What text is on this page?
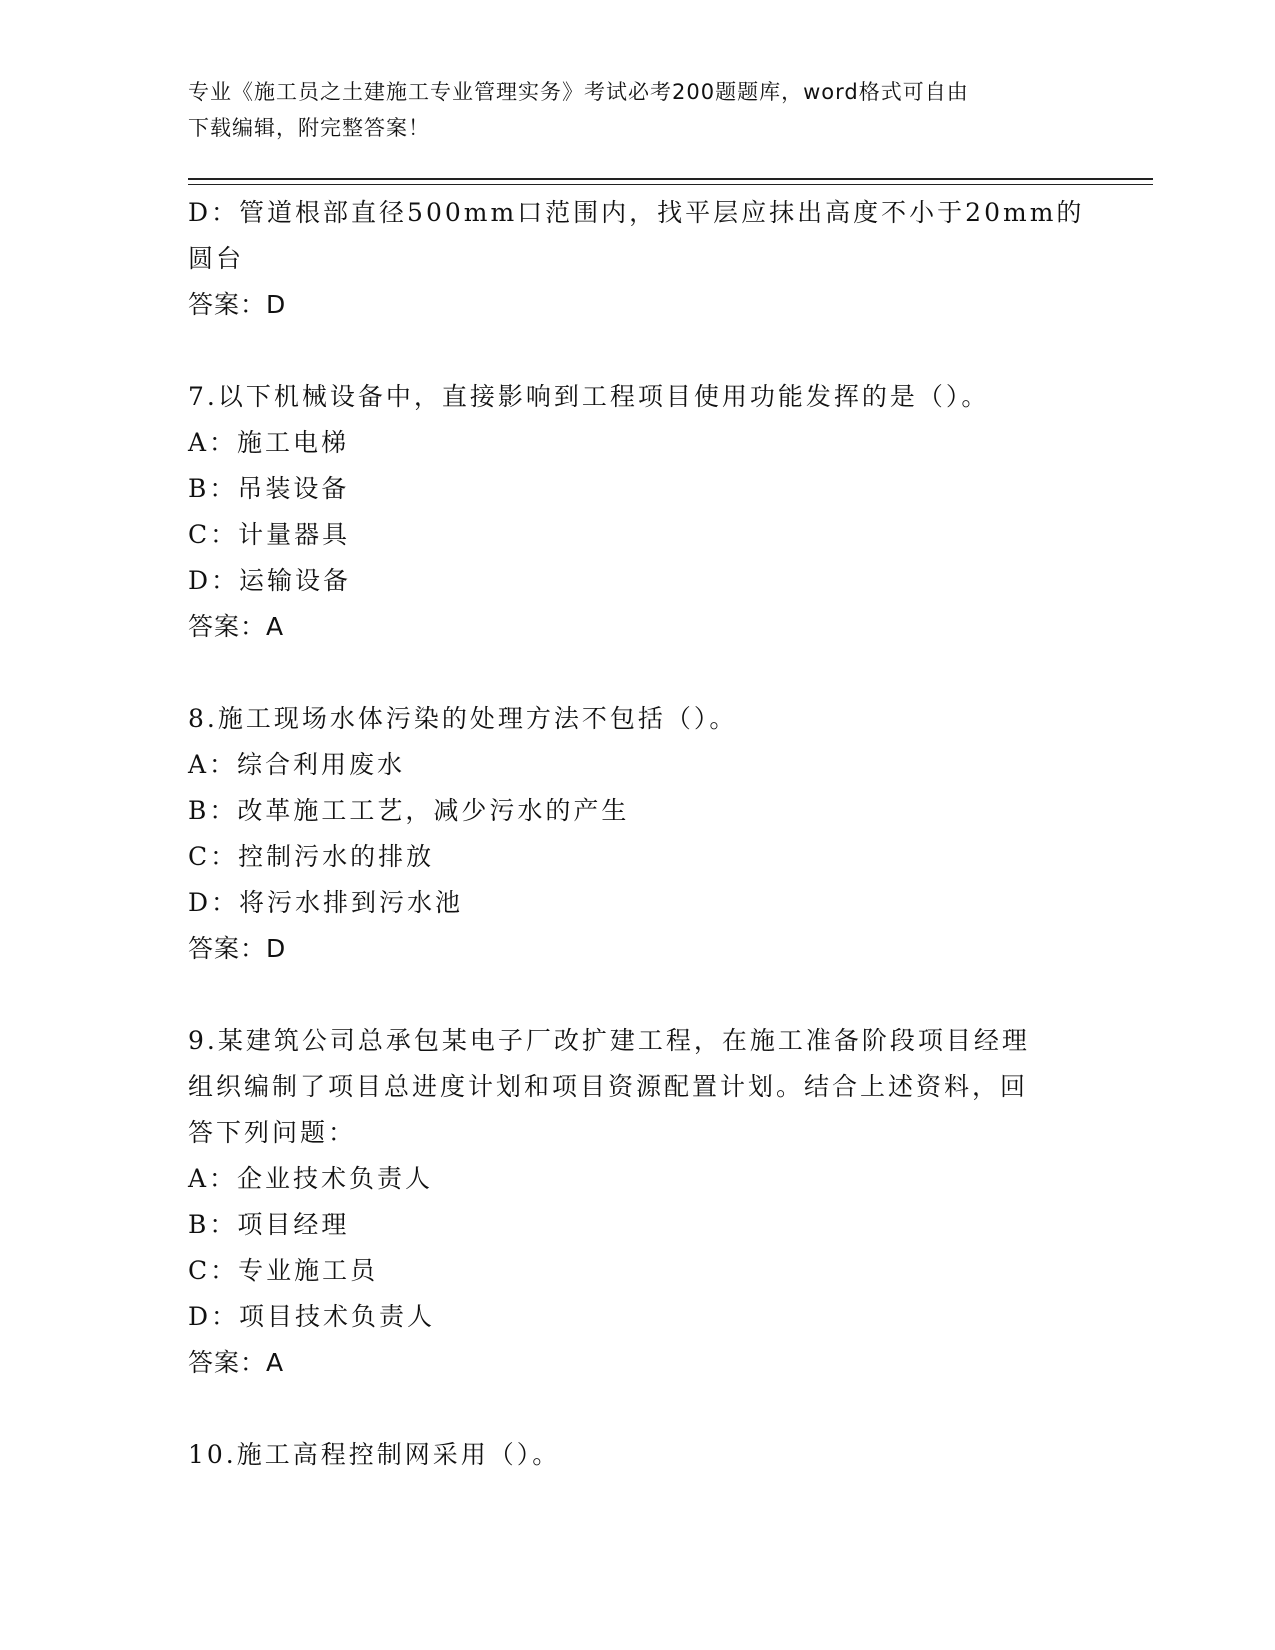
专业《施工员之土建施工专业管理实务》考试必考200题题库，word格式可自由
下载编辑，附完整答案！
D：管道根部直径500mm口范围内，找平层应抹出高度不小于20mm的
圆台
答案：D
7.以下机械设备中，直接影响到工程项目使用功能发挥的是（）。
A：施工电梯
B：吊装设备
C：计量器具
D：运输设备
答案：A
8.施工现场水体污染的处理方法不包括（）。
A：综合利用废水
B：改革施工工艺，减少污水的产生
C：控制污水的排放
D：将污水排到污水池
答案：D
9.某建筑公司总承包某电子厂改扩建工程，在施工准备阶段项目经理
组织编制了项目总进度计划和项目资源配置计划。结合上述资料，回
答下列问题：
A：企业技术负责人
B：项目经理
C：专业施工员
D：项目技术负责人
答案：A
10.施工高程控制网采用（）。
